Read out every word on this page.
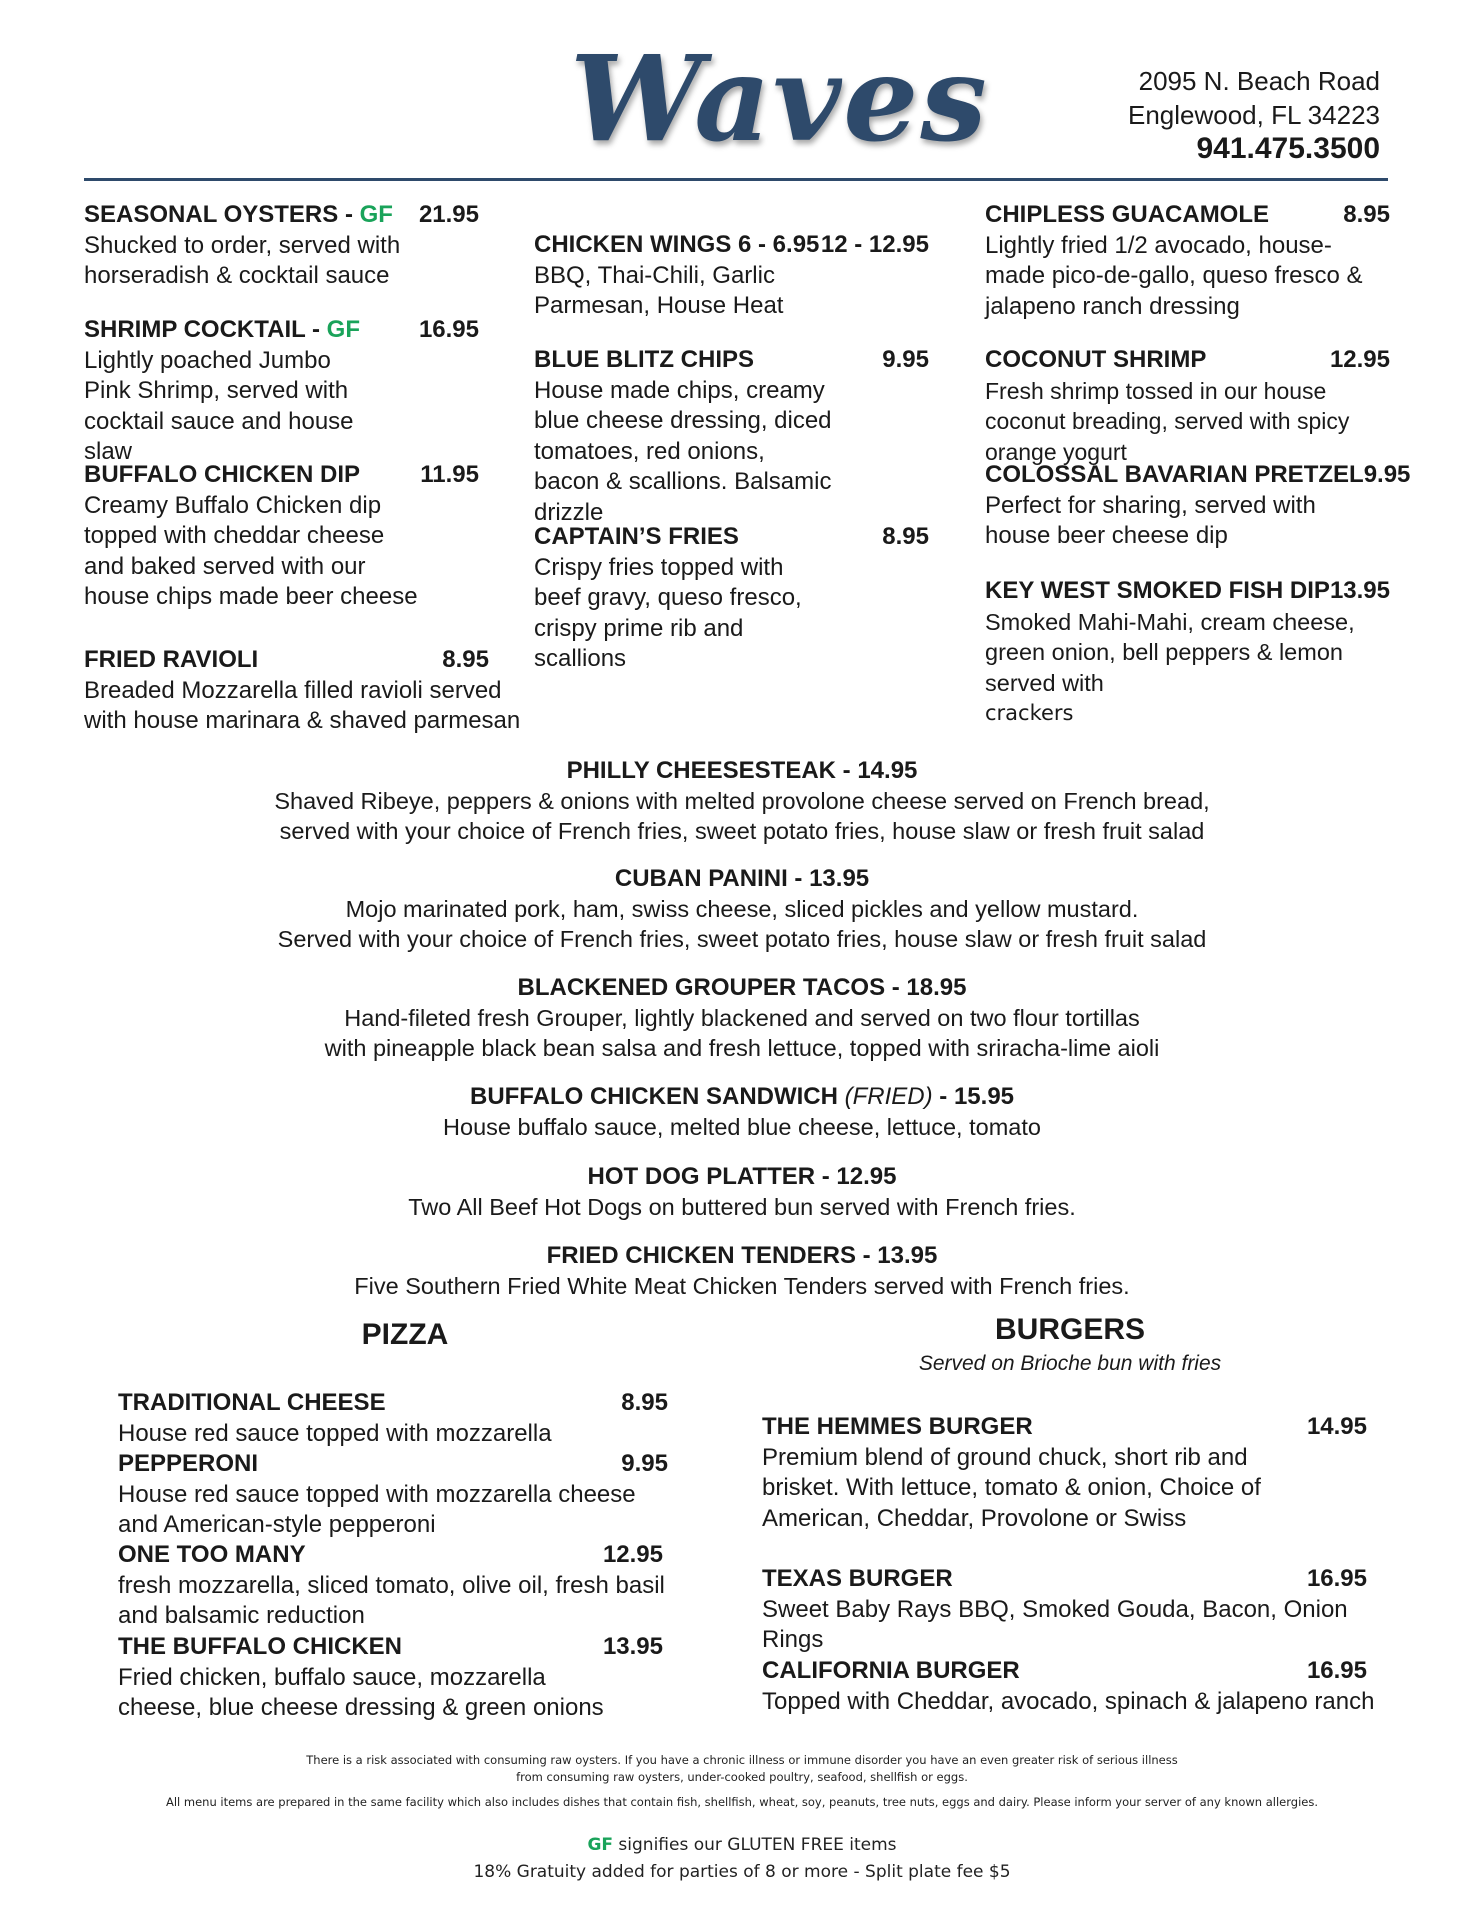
Waves	2095 N. Beach Road
Englewood, FL 34223
941.475.3500
SEASONAL OYSTERS - GF 21.95
Shucked to order, served with horseradish & cocktail sauce
SHRIMP COCKTAIL - GF 16.95
Lightly poached Jumbo Pink Shrimp, served with cocktail sauce and house slaw
BUFFALO CHICKEN DIP	11.95
Creamy Buffalo Chicken dip topped with cheddar cheese and baked served with our house chips made beer cheese
FRIED RAVIOLI	8.95
Breaded Mozzarella filled ravioli served with house marinara & shaved parmesan
CHICKEN WINGS 6 - 6.95 12 - 12.95
BBQ, Thai-Chili, Garlic Parmesan, House Heat
BLUE BLITZ CHIPS	9.95
House made chips, creamy blue cheese dressing, diced tomatoes, red onions, bacon & scallions. Balsamic drizzle
CAPTAIN’S FRIES	8.95
Crispy fries topped with beef gravy, queso fresco, crispy prime rib and scallions
CHIPLESS GUACAMOLE	8.95
Lightly fried 1/2 avocado, house-made pico-de-gallo, queso fresco & jalapeno ranch dressing
COCONUT SHRIMP	12.95
Fresh shrimp tossed in our house coconut breading, served with spicy orange yogurt
COLOSSAL BAVARIAN PRETZEL 9.95
Perfect for sharing, served with house beer cheese dip
KEY WEST SMOKED FISH DIP 13.95
Smoked Mahi-Mahi, cream cheese, green onion, bell peppers & lemon served with
crackers
PHILLY CHEESESTEAK - 14.95
Shaved Ribeye, peppers & onions with melted provolone cheese served on French bread,
served with your choice of French fries, sweet potato fries, house slaw or fresh fruit salad
CUBAN PANINI - 13.95
Mojo marinated pork, ham, swiss cheese, sliced pickles and yellow mustard.
Served with your choice of French fries, sweet potato fries, house slaw or fresh fruit salad
BLACKENED GROUPER TACOS - 18.95
Hand-fileted fresh Grouper, lightly blackened and served on two flour tortillas
with pineapple black bean salsa and fresh lettuce, topped with sriracha-lime aioli
BUFFALO CHICKEN SANDWICH (FRIED) - 15.95
House buffalo sauce, melted blue cheese, lettuce, tomato
HOT DOG PLATTER - 12.95
Two All Beef Hot Dogs on buttered bun served with French fries.
FRIED CHICKEN TENDERS - 13.95
Five Southern Fried White Meat Chicken Tenders served with French fries.
PIZZA
TRADITIONAL CHEESE	8.95
House red sauce topped with mozzarella
PEPPERONI	9.95
House red sauce topped with mozzarella cheese and American-style pepperoni
ONE TOO MANY	12.95
fresh mozzarella, sliced tomato, olive oil, fresh basil and balsamic reduction
THE BUFFALO CHICKEN	13.95
Fried chicken, buffalo sauce, mozzarella cheese, blue cheese dressing & green onions
BURGERS
Served on Brioche bun with fries
THE HEMMES BURGER	14.95
Premium blend of ground chuck, short rib and brisket. With lettuce, tomato & onion, Choice of American, Cheddar, Provolone or Swiss
TEXAS BURGER	16.95
Sweet Baby Rays BBQ, Smoked Gouda, Bacon, Onion Rings
CALIFORNIA BURGER	16.95
Topped with Cheddar, avocado, spinach & jalapeno ranch
There is a risk associated with consuming raw oysters. If you have a chronic illness or immune disorder you have an even greater risk of serious illness
from consuming raw oysters, under-cooked poultry, seafood, shellfish or eggs.
All menu items are prepared in the same facility which also includes dishes that contain fish, shellfish, wheat, soy, peanuts, tree nuts, eggs and dairy. Please inform your server of any known allergies.
GF signifies our GLUTEN FREE items
18% Gratuity added for parties of 8 or more - Split plate fee $5
